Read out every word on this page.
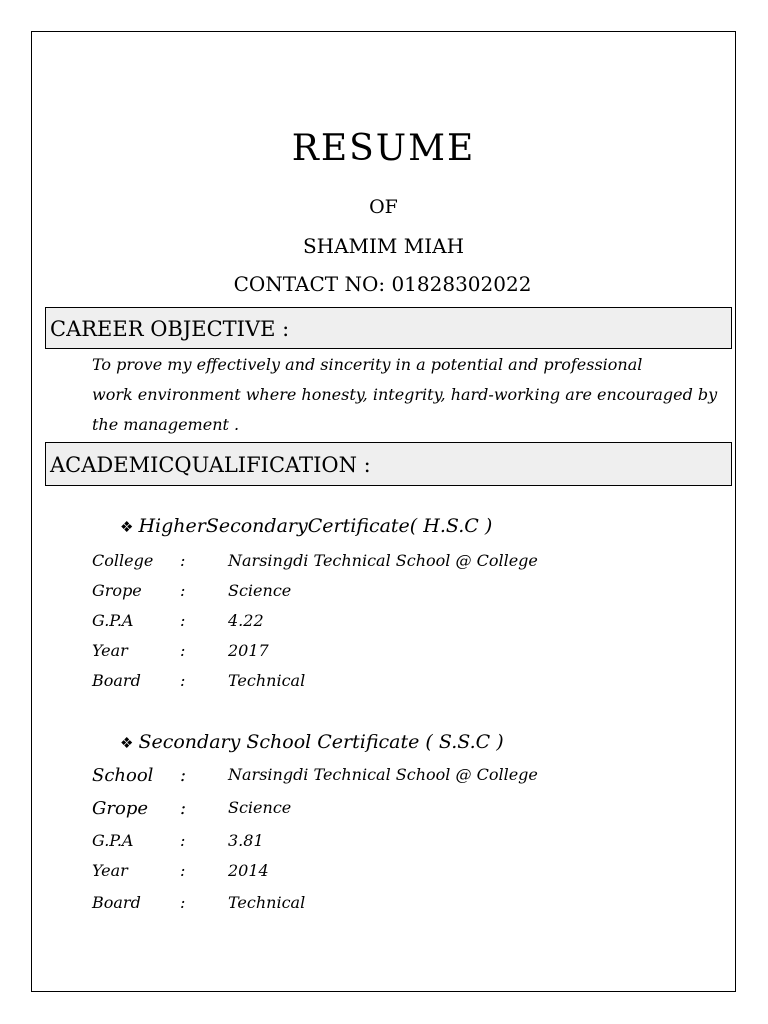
RESUME
OF
SHAMIM MIAH
CONTACT NO: 01828302022
CAREER OBJECTIVE :
To prove my effectively and sincerity in a potential and professional
work environment where honesty, integrity, hard-working are encouraged by
the management .
ACADEMICQUALIFICATION :
❖ HigherSecondaryCertificate( H.S.C )
College :	Narsingdi Technical School @ College
Grope :	Science
G.P.A	:	4.22
Year	:	2017
Board :	Technical
❖ Secondary School Certificate ( S.S.C )
School :	Narsingdi Technical School @ College
Grope :	Science
G.P.A	:	3.81
Year	:	2014
Board :	Technical
